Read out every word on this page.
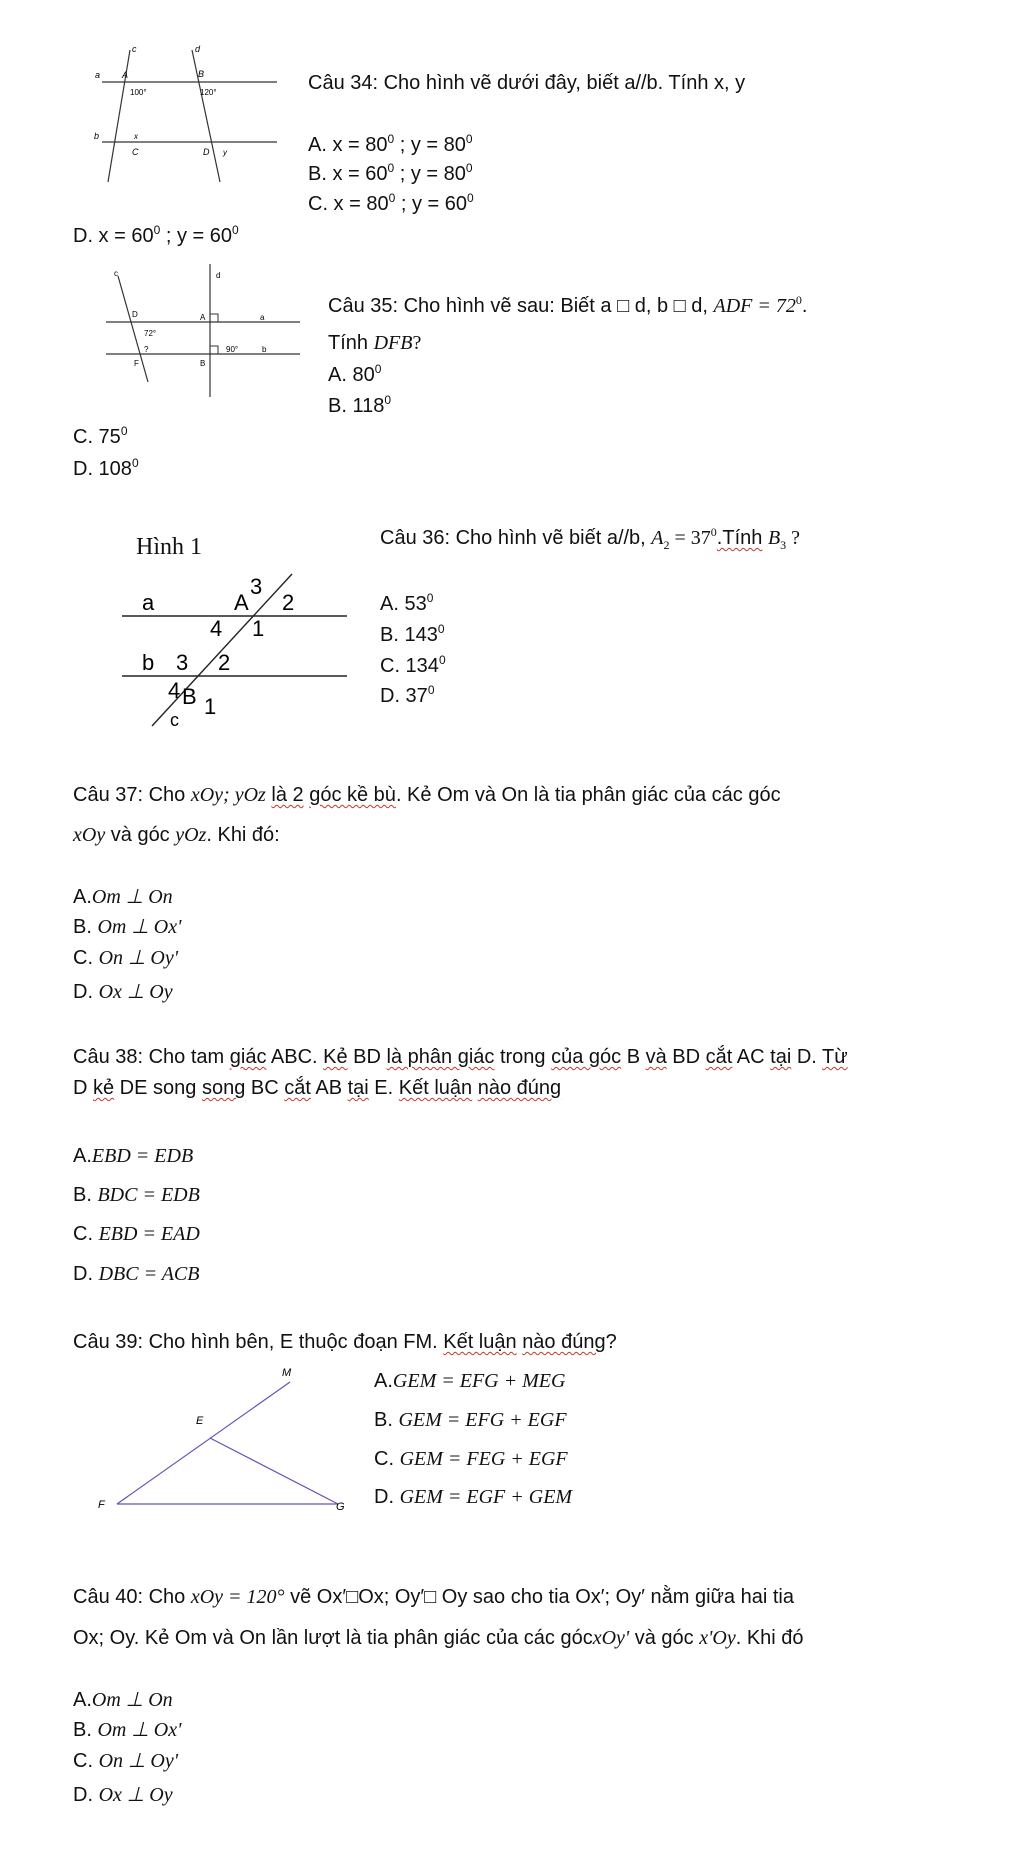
c	d
a A	B
100°	120°
b	x
C	D y
Câu 34: Cho hình vẽ dưới đây, biết a//b. Tính x, y
A. $x = 80^0$ ; $y = 80^0$
B. $x = 60^0$ ; $y = 80^0$
C. $x = 80^0$ ; $y = 60^0$
D. $x = 60^0$ ; $y = 60^0$
c	d
D	A	a
72°
?	90°	b
F	B
Câu 35: Cho hình vẽ sau: Biết a □ d, b □ d, ADF = $72^0$.
Tính DFB?
A. $80^0$
B. $118^0$
C. $75^0$
D. $108^0$
Hình 1
a	A
3
2
4 1
b 3 2
4 B 1
c
Câu 36: Cho hình vẽ biết a//b, $A_2$ = $37^0.Tính$ $B_3$ ?
A. $53^0$
B. $143^0$
C. $134^0$
D. $37^0$
Câu 37: Cho xOy; yOz là 2 góc kề bù. Kẻ Om và On là tia phân giác của các góc
xOy và góc yOz. Khi đó:
A.Om ⊥ On
B. Om ⊥ Ox'
C. On ⊥ Oy'
D. Ox ⊥ Oy
Câu 38: Cho tam giác ABC. Kẻ BD là phân giác trong của góc B và BD cắt AC tại D. Từ
D kẻ DE song song BC cắt AB tại E. Kết luận nào đúng
A.EBD = EDB
B. BDC = EDB
C. EBD = EAD
D. DBC = ACB
Câu 39: Cho hình bên, E thuộc đoạn FM. Kết luận nào đúng?
M
E
F	G
A.GEM = EFG + MEG
B. GEM = EFG + EGF
C. GEM = FEG + EGF
D. GEM = EGF + GEM
Câu 40: Cho xOy = 120° vẽ Ox′□Ox; Oy′□ Oy sao cho tia Ox′; Oy′ nằm giữa hai tia
Ox; Oy. Kẻ Om và On lần lượt là tia phân giác của các gócxOy' và góc x'Oy. Khi đó
A.Om ⊥ On
B. Om ⊥ Ox'
C. On ⊥ Oy'
D. Ox ⊥ Oy
